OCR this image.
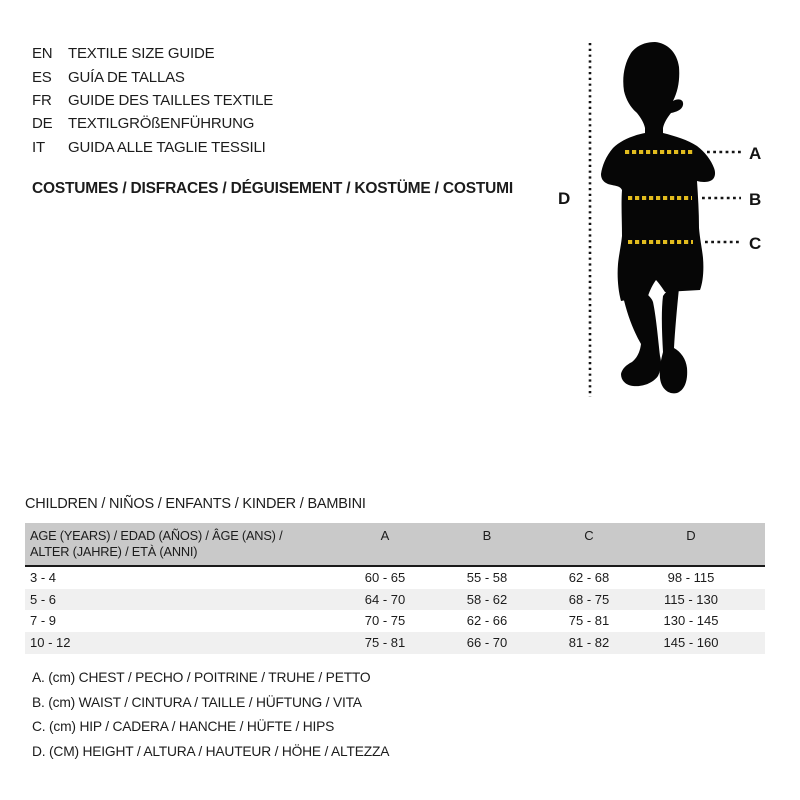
EN	TEXTILE SIZE GUIDE
ES	GUÍA DE TALLAS
FR	GUIDE DES TAILLES TEXTILE
DE	TEXTILGRÖßENFÜHRUNG
IT	GUIDA ALLE TAGLIE TESSILI
COSTUMES / DISFRACES / DÉGUISEMENT / KOSTÜME / COSTUMI
A
B
C
D
CHILDREN / NIÑOS / ENFANTS / KINDER / BAMBINI
AGE (YEARS) / EDAD (AÑOS) / ÂGE (ANS) /
ALTER (JAHRE) / ETÀ (ANNI)
A	B	C	D
3 - 4	60 - 65	55 - 58	62 - 68	98 - 115
5 - 6	64 - 70	58 - 62	68 - 75	115 - 130
7 - 9	70 - 75	62 - 66	75 - 81	130 - 145
10 - 12	75 - 81	66 - 70	81 - 82	145 - 160
A. (cm) CHEST / PECHO / POITRINE / TRUHE / PETTO
B. (cm) WAIST / CINTURA / TAILLE / HÜFTUNG / VITA
C. (cm) HIP / CADERA / HANCHE / HÜFTE / HIPS
D. (CM) HEIGHT / ALTURA / HAUTEUR / HÖHE / ALTEZZA
